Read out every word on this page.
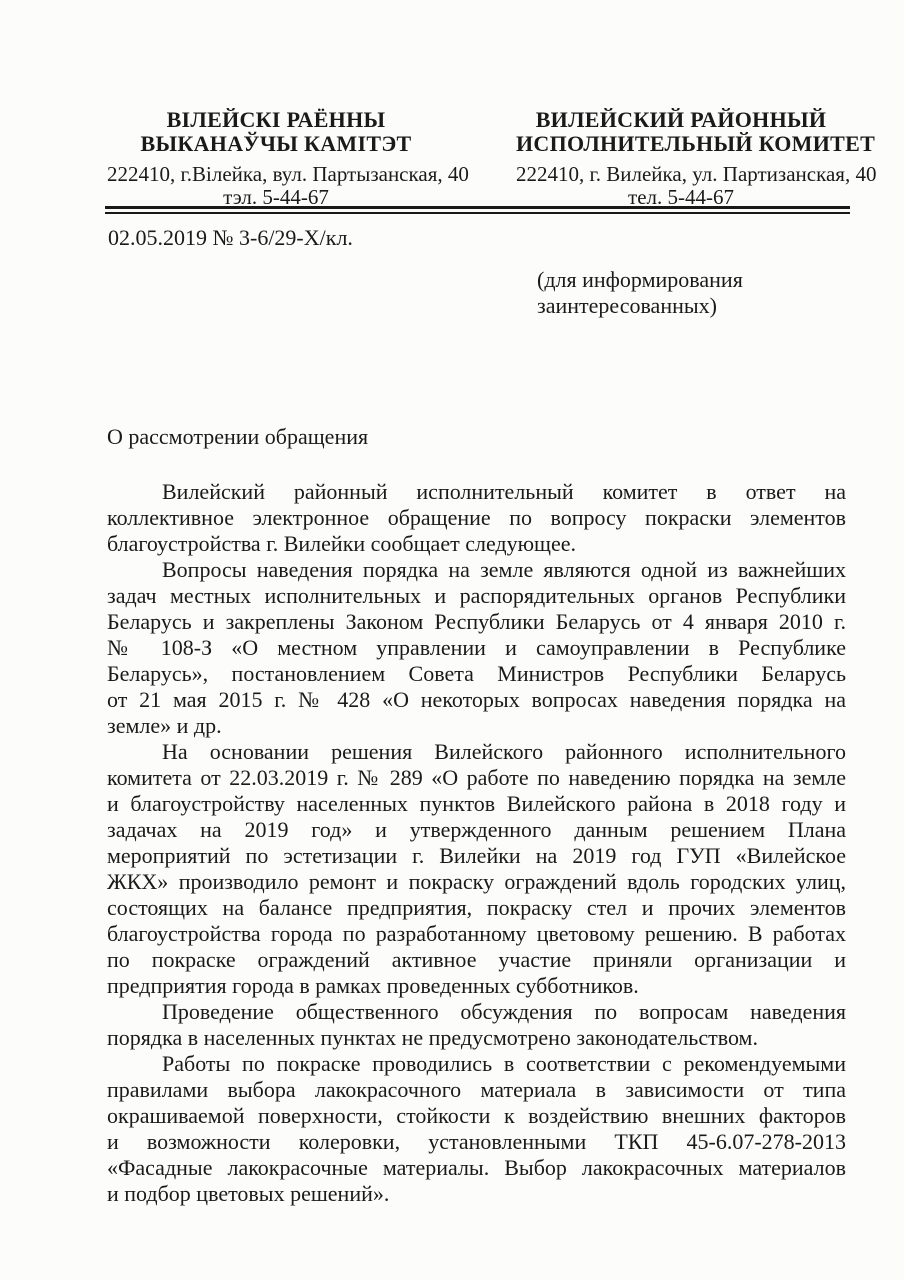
ВІЛЕЙСКІ РАЁННЫ
ВЫКАНАЎЧЫ КАМІТЭТ
222410, г.Вілейка, вул. Партызанская, 40
тэл. 5-44-67
ВИЛЕЙСКИЙ РАЙОННЫЙ
ИСПОЛНИТЕЛЬНЫЙ КОМИТЕТ
222410, г. Вилейка, ул. Партизанская, 40
тел. 5-44-67
02.05.2019 № 3-6/29-Х/кл.
(для информирования
заинтересованных)
О рассмотрении обращения
Вилейский районный исполнительный комитет в ответ на
коллективное электронное обращение по вопросу покраски элементов
благоустройства г. Вилейки сообщает следующее.
Вопросы наведения порядка на земле являются одной из важнейших
задач местных исполнительных и распорядительных органов Республики
Беларусь и закреплены Законом Республики Беларусь от 4 января 2010 г.
№ 108-З «О местном управлении и самоуправлении в Республике
Беларусь», постановлением Совета Министров Республики Беларусь
от 21 мая 2015 г. № 428 «О некоторых вопросах наведения порядка на
земле» и др.
На основании решения Вилейского районного исполнительного
комитета от 22.03.2019 г. № 289 «О работе по наведению порядка на земле
и благоустройству населенных пунктов Вилейского района в 2018 году и
задачах на 2019 год» и утвержденного данным решением Плана
мероприятий по эстетизации г. Вилейки на 2019 год ГУП «Вилейское
ЖКХ» производило ремонт и покраску ограждений вдоль городских улиц,
состоящих на балансе предприятия, покраску стел и прочих элементов
благоустройства города по разработанному цветовому решению. В работах
по покраске ограждений активное участие приняли организации и
предприятия города в рамках проведенных субботников.
Проведение общественного обсуждения по вопросам наведения
порядка в населенных пунктах не предусмотрено законодательством.
Работы по покраске проводились в соответствии с рекомендуемыми
правилами выбора лакокрасочного материала в зависимости от типа
окрашиваемой поверхности, стойкости к воздействию внешних факторов
и возможности колеровки, установленными ТКП 45-6.07-278-2013
«Фасадные лакокрасочные материалы. Выбор лакокрасочных материалов
и подбор цветовых решений».
